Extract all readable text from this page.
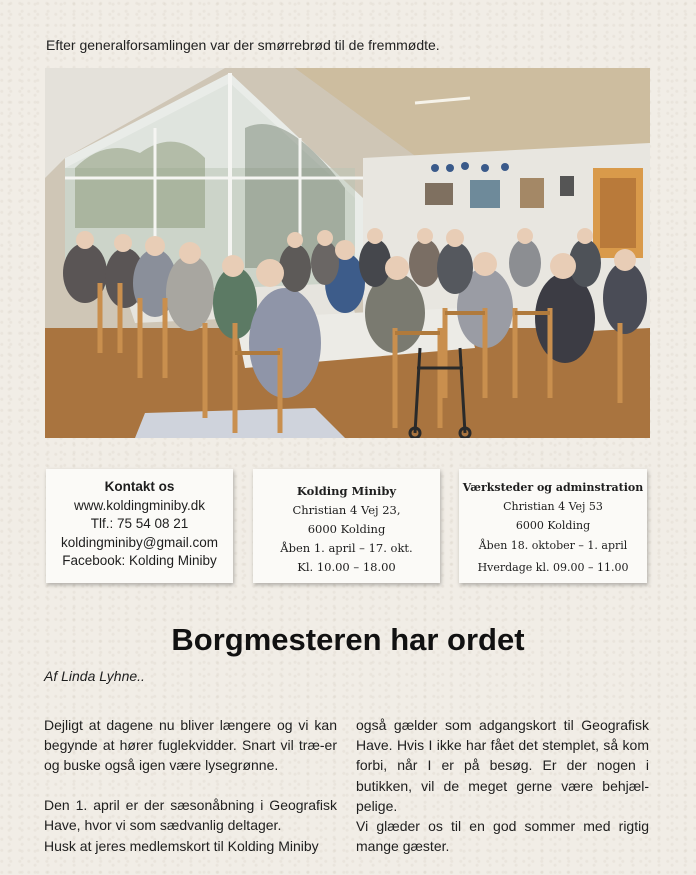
Efter generalforsamlingen var der smørrebrød til de fremmødte.
Kontakt os
www.koldingminiby.dk
Tlf.: 75 54 08 21
koldingminiby@gmail.com
Facebook: Kolding Miniby
Kolding Miniby
Christian 4 Vej 23,
6000 Kolding
Åben 1. april – 17. okt.
Kl. 10.00 – 18.00
Værksteder og adminstration
Christian 4 Vej 53
6000 Kolding
Åben 18. oktober – 1. april
Hverdage kl. 09.00 – 11.00
Borgmesteren har ordet
Af Linda Lyhne..

Dejligt at dagene nu bliver længere og vi kan begynde at hører fuglekvidder. Snart vil træ-er og buske også igen være lysegrønne.

Den 1. april er der sæsonåbning i Geografisk Have, hvor vi som sædvanlig deltager.

Husk at jeres medlemskort til Kolding Miniby

også gælder som adgangskort til Geografisk Have. Hvis I ikke har fået det stemplet, så kom forbi, når I er på besøg. Er der nogen i butikken, vil de meget gerne være behjæl-pelige.

Vi glæder os til en god sommer med rigtig mange gæster.
